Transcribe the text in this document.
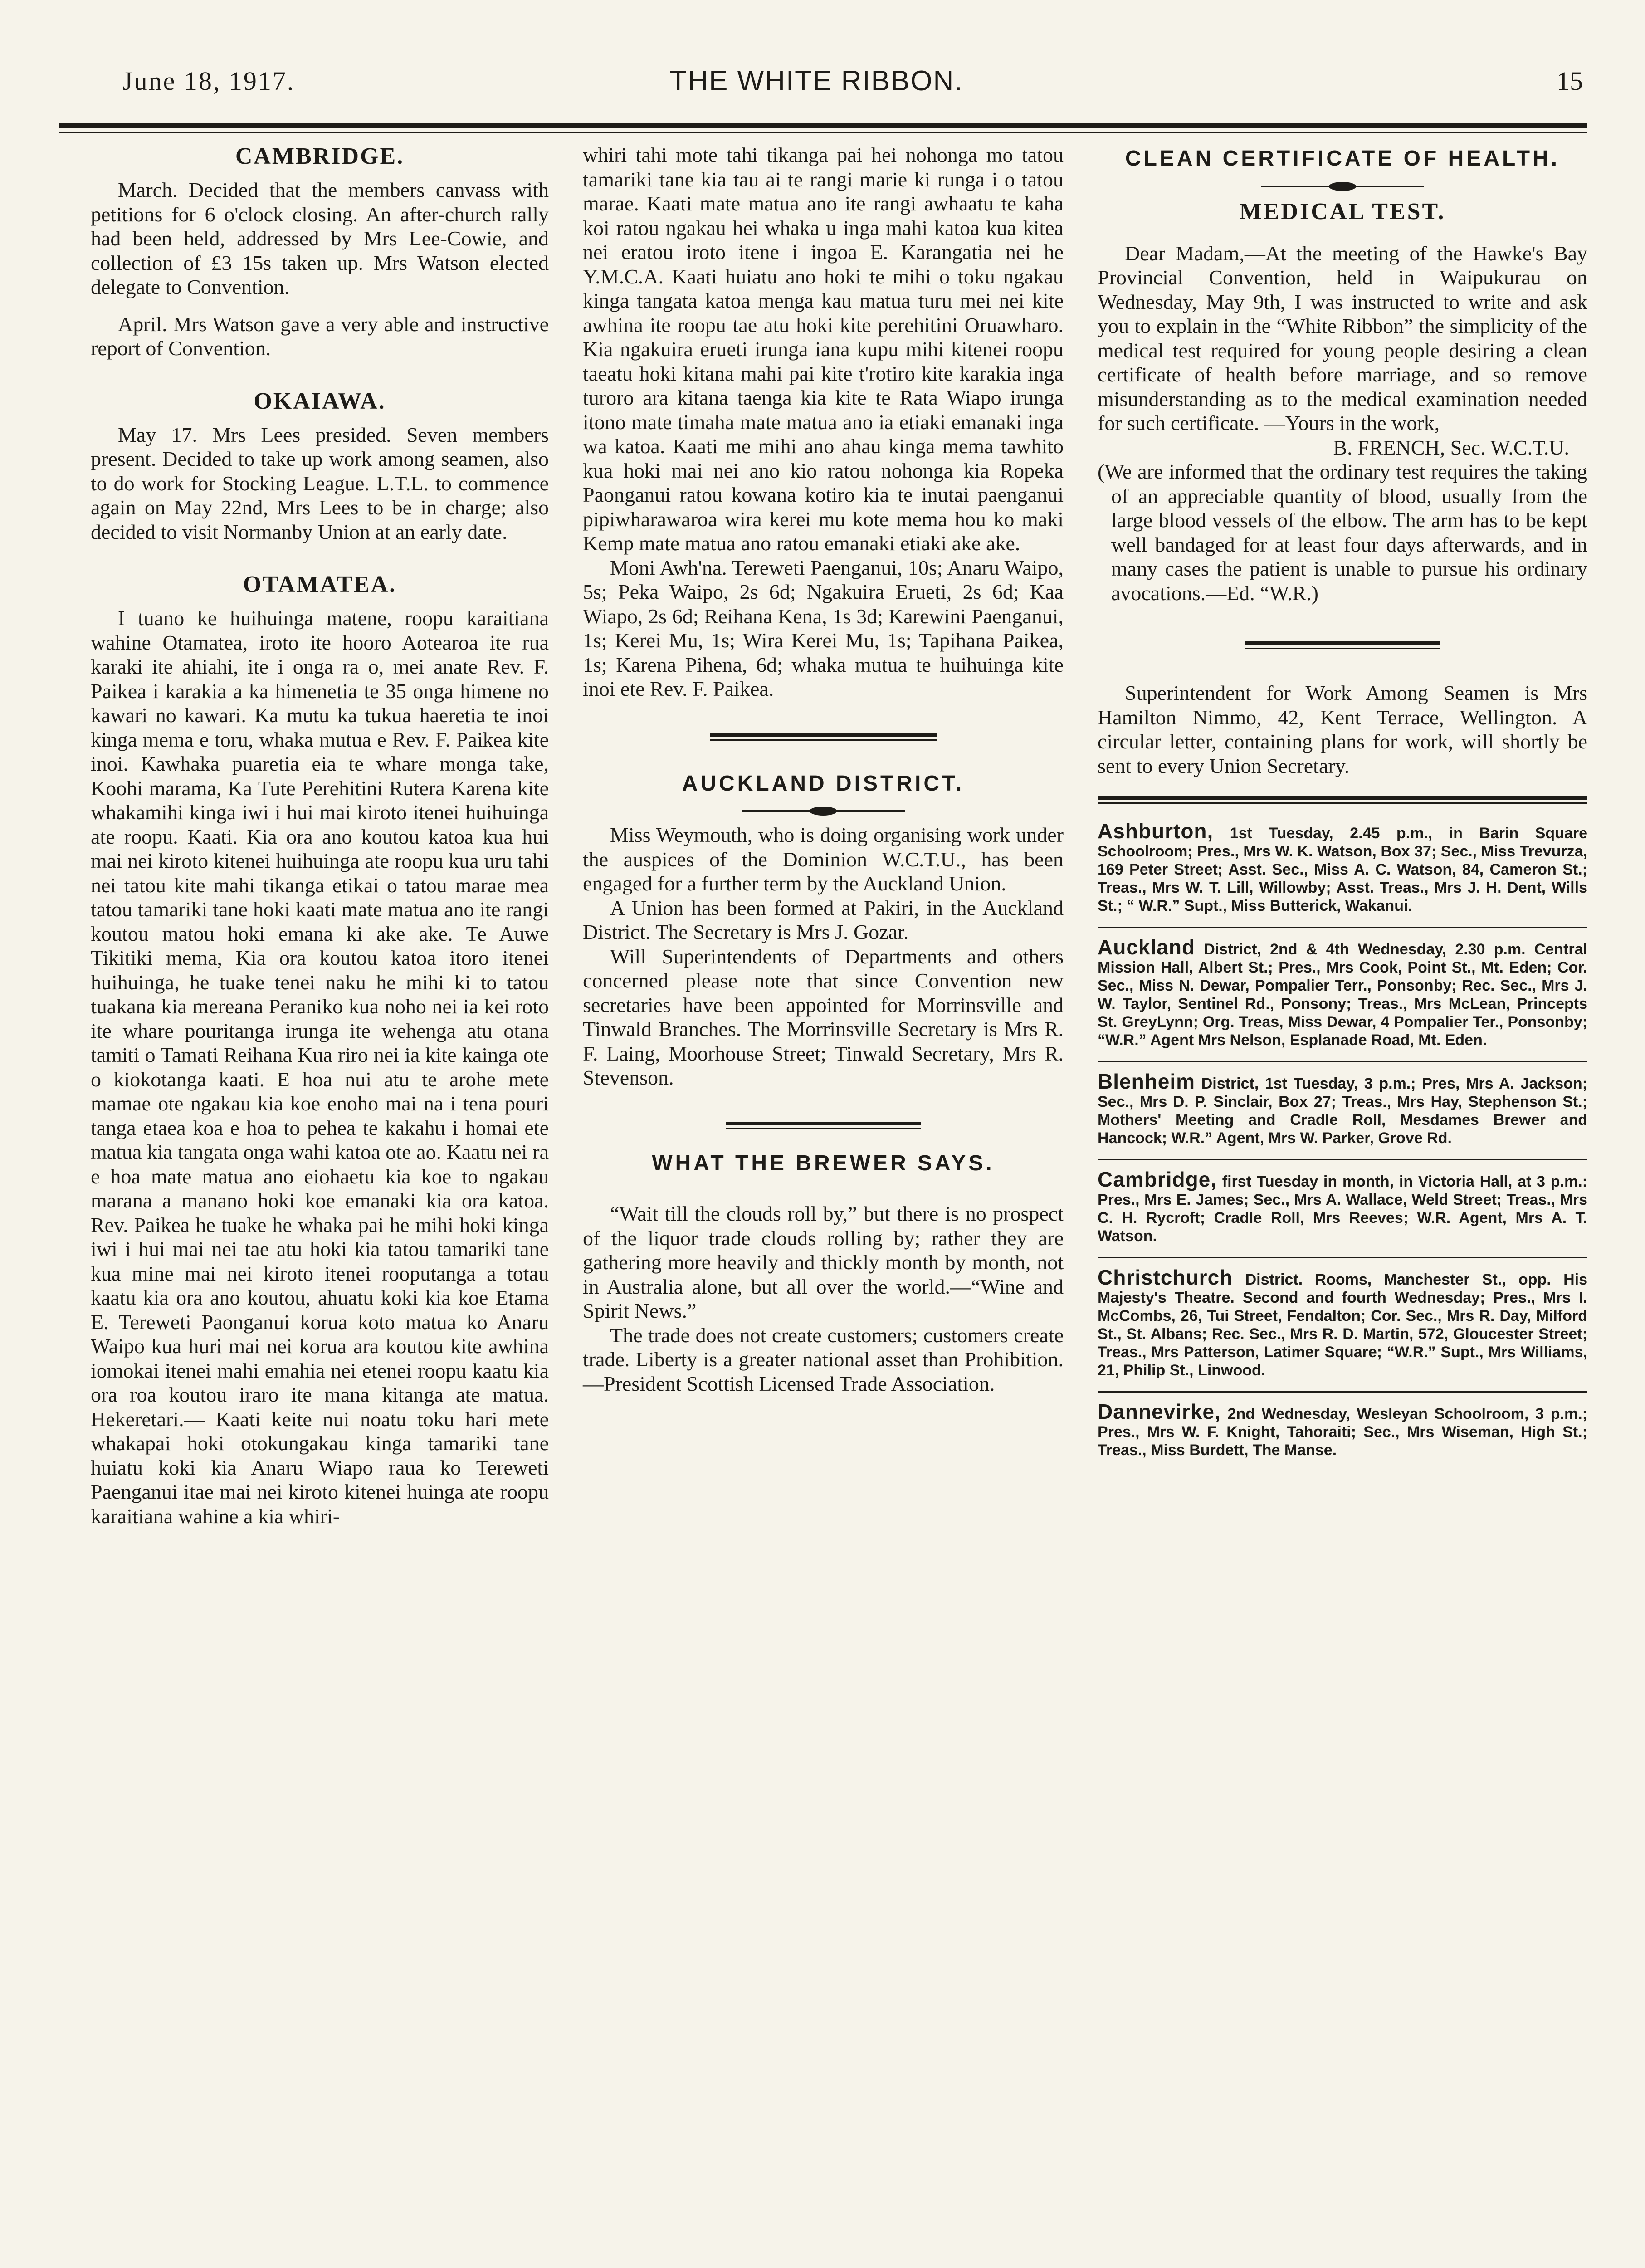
June 18, 1917.	THE WHITE RIBBON.	15
CAMBRIDGE.

March. Decided that the members canvass with petitions for 6 o'clock closing. An after-church rally had been held, addressed by Mrs Lee-Cowie, and collection of £3 15s taken up. Mrs Watson elected delegate to Convention.

April. Mrs Watson gave a very able and instructive report of Convention.

OKAIAWA.

May 17. Mrs Lees presided. Seven members present. Decided to take up work among seamen, also to do work for Stocking League. L.T.L. to commence again on May 22nd, Mrs Lees to be in charge; also decided to visit Normanby Union at an early date.

OTAMATEA.

I tuano ke huihuinga matene, roopu karaitiana wahine Otamatea, iroto ite hooro Aotearoa ite rua karaki ite ahiahi, ite i onga ra o, mei anate Rev. F. Paikea i karakia a ka himenetia te 35 onga himene no kawari no kawari. Ka mutu ka tukua haeretia te inoi kinga mema e toru, whaka mutua e Rev. F. Paikea kite inoi. Kawhaka puaretia eia te whare monga take, Koohi marama, Ka Tute Perehitini Rutera Karena kite whakamihi kinga iwi i hui mai kiroto itenei huihuinga ate roopu. Kaati. Kia ora ano koutou katoa kua hui mai nei kiroto kitenei huihuinga ate roopu kua uru tahi nei tatou kite mahi tikanga etikai o tatou marae mea tatou tamariki tane hoki kaati mate matua ano ite rangi koutou matou hoki emana ki ake ake. Te Auwe Tikitiki mema, Kia ora koutou katoa itoro itenei huihuinga, he tuake tenei naku he mihi ki to tatou tuakana kia mereana Peraniko kua noho nei ia kei roto ite whare pouritanga irunga ite wehenga atu otana tamiti o Tamati Reihana Kua riro nei ia kite kainga ote o kiokotanga kaati. E hoa nui atu te arohe mete mamae ote ngakau kia koe enoho mai na i tena pouri tanga etaea koa e hoa to pehea te kakahu i homai ete matua kia tangata onga wahi katoa ote ao. Kaatu nei ra e hoa mate matua ano eiohaetu kia koe to ngakau marana a manano hoki koe emanaki kia ora katoa. Rev. Paikea he tuake he whaka pai he mihi hoki kinga iwi i hui mai nei tae atu hoki kia tatou tamariki tane kua mine mai nei kiroto itenei rooputanga a totau kaatu kia ora ano koutou, ahuatu koki kia koe Etama E. Tereweti Paonganui korua koto matua ko Anaru Waipo kua huri mai nei korua ara koutou kite awhina iomokai itenei mahi emahia nei etenei roopu kaatu kia ora roa koutou iraro ite mana kitanga ate matua. Hekeretari.— Kaati keite nui noatu toku hari mete whakapai hoki otokungakau kinga tamariki tane huiatu koki kia Anaru Wiapo raua ko Tereweti Paenganui itae mai nei kiroto kitenei huinga ate roopu karaitiana wahine a kia whiri-

whiri tahi mote tahi tikanga pai hei nohonga mo tatou tamariki tane kia tau ai te rangi marie ki runga i o tatou marae. Kaati mate matua ano ite rangi awhaatu te kaha koi ratou ngakau hei whaka u inga mahi katoa kua kitea nei eratou iroto itene i ingoa E. Karangatia nei he Y.M.C.A. Kaati huiatu ano hoki te mihi o toku ngakau kinga tangata katoa menga kau matua turu mei nei kite awhina ite roopu tae atu hoki kite perehitini Oruawharo. Kia ngakuira erueti irunga iana kupu mihi kitenei roopu taeatu hoki kitana mahi pai kite t'rotiro kite karakia inga turoro ara kitana taenga kia kite te Rata Wiapo irunga itono mate timaha mate matua ano ia etiaki emanaki inga wa katoa. Kaati me mihi ano ahau kinga mema tawhito kua hoki mai nei ano kio ratou nohonga kia Ropeka Paonganui ratou kowana kotiro kia te inutai paenganui pipiwharawaroa wira kerei mu kote mema hou ko maki Kemp mate matua ano ratou emanaki etiaki ake ake.

Moni Awh'na. Tereweti Paenganui, 10s; Anaru Waipo, 5s; Peka Waipo, 2s 6d; Ngakuira Erueti, 2s 6d; Kaa Wiapo, 2s 6d; Reihana Kena, 1s 3d; Karewini Paenganui, 1s; Kerei Mu, 1s; Wira Kerei Mu, 1s; Tapihana Paikea, 1s; Karena Pihena, 6d; whaka mutua te huihuinga kite inoi ete Rev. F. Paikea.

AUCKLAND DISTRICT.

Miss Weymouth, who is doing organising work under the auspices of the Dominion W.C.T.U., has been engaged for a further term by the Auckland Union.

A Union has been formed at Pakiri, in the Auckland District. The Secretary is Mrs J. Gozar.

Will Superintendents of Departments and others concerned please note that since Convention new secretaries have been appointed for Morrinsville and Tinwald Branches. The Morrinsville Secretary is Mrs R. F. Laing, Moorhouse Street; Tinwald Secretary, Mrs R. Stevenson.

WHAT THE BREWER SAYS.

“Wait till the clouds roll by,” but there is no prospect of the liquor trade clouds rolling by; rather they are gathering more heavily and thickly month by month, not in Australia alone, but all over the world.—“Wine and Spirit News.”

The trade does not create customers; customers create trade. Liberty is a greater national asset than Prohibition.—President Scottish Licensed Trade Association.

CLEAN CERTIFICATE OF HEALTH.
MEDICAL TEST.

Dear Madam,—At the meeting of the Hawke's Bay Provincial Convention, held in Waipukurau on Wednesday, May 9th, I was instructed to write and ask you to explain in the “White Ribbon” the simplicity of the medical test required for young people desiring a clean certificate of health before marriage, and so remove misunderstanding as to the medical examination needed for such certificate. —Yours in the work,

B. FRENCH, Sec. W.C.T.U.

(We are informed that the ordinary test requires the taking of an appreciable quantity of blood, usually from the large blood vessels of the elbow. The arm has to be kept well bandaged for at least four days afterwards, and in many cases the patient is unable to pursue his ordinary avocations.—Ed. “W.R.)

Superintendent for Work Among Seamen is Mrs Hamilton Nimmo, 42, Kent Terrace, Wellington. A circular letter, containing plans for work, will shortly be sent to every Union Secretary.

Ashburton, 1st Tuesday, 2.45 p.m., in Barin Square Schoolroom; Pres., Mrs W. K. Watson, Box 37; Sec., Miss Trevurza, 169 Peter Street; Asst. Sec., Miss A. C. Watson, 84, Cameron St.; Treas., Mrs W. T. Lill, Willowby; Asst. Treas., Mrs J. H. Dent, Wills St.; “ W.R.” Supt., Miss Butterick, Wakanui.

Auckland District, 2nd & 4th Wednesday, 2.30 p.m. Central Mission Hall, Albert St.; Pres., Mrs Cook, Point St., Mt. Eden; Cor. Sec., Miss N. Dewar, Pompalier Terr., Ponsonby; Rec. Sec., Mrs J. W. Taylor, Sentinel Rd., Ponsony; Treas., Mrs McLean, Princepts St. GreyLynn; Org. Treas, Miss Dewar, 4 Pompalier Ter., Ponsonby; “W.R.” Agent Mrs Nelson, Esplanade Road, Mt. Eden.

Blenheim District, 1st Tuesday, 3 p.m.; Pres, Mrs A. Jackson; Sec., Mrs D. P. Sinclair, Box 27; Treas., Mrs Hay, Stephenson St.; Mothers' Meeting and Cradle Roll, Mesdames Brewer and Hancock; W.R.” Agent, Mrs W. Parker, Grove Rd.

Cambridge, first Tuesday in month, in Victoria Hall, at 3 p.m.: Pres., Mrs E. James; Sec., Mrs A. Wallace, Weld Street; Treas., Mrs C. H. Rycroft; Cradle Roll, Mrs Reeves; W.R. Agent, Mrs A. T. Watson.

Christchurch District. Rooms, Manchester St., opp. His Majesty's Theatre. Second and fourth Wednesday; Pres., Mrs I. McCombs, 26, Tui Street, Fendalton; Cor. Sec., Mrs R. Day, Milford St., St. Albans; Rec. Sec., Mrs R. D. Martin, 572, Gloucester Street; Treas., Mrs Patterson, Latimer Square; “W.R.” Supt., Mrs Williams, 21, Philip St., Linwood.

Dannevirke, 2nd Wednesday, Wesleyan Schoolroom, 3 p.m.; Pres., Mrs W. F. Knight, Tahoraiti; Sec., Mrs Wiseman, High St.; Treas., Miss Burdett, The Manse.
